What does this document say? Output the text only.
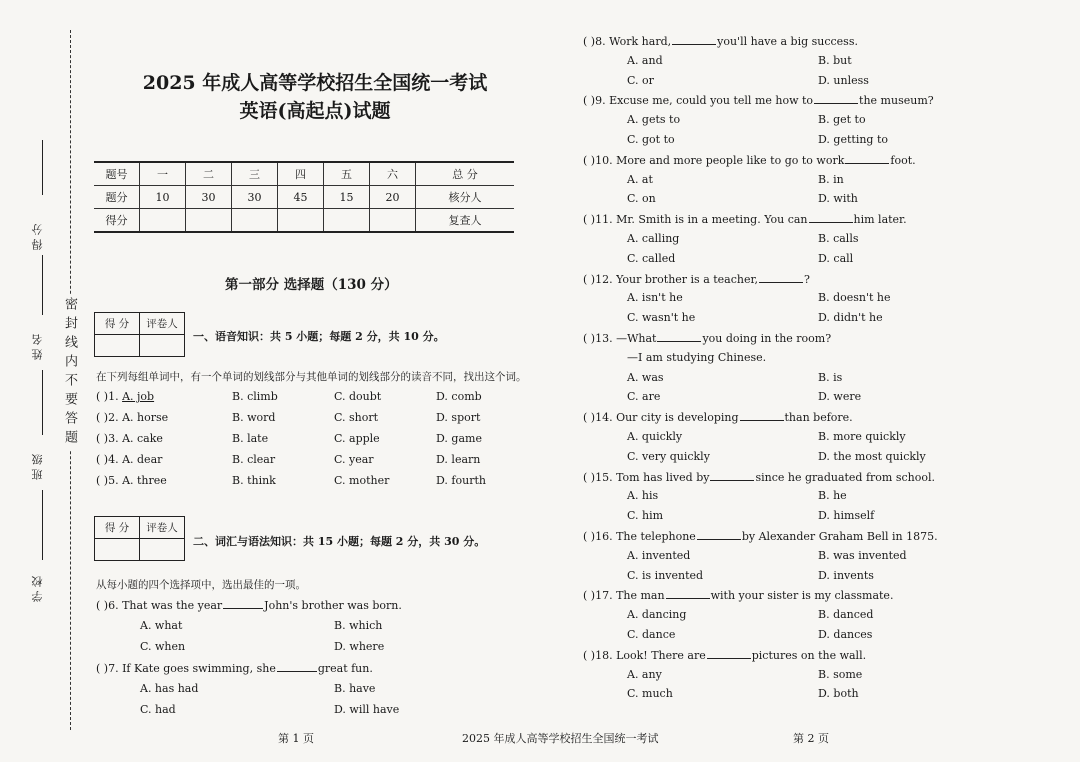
得分
姓名
班级
学校
密封线内不要答题
2025 年成人高等学校招生全国统一考试
英语(高起点)试题
题号	一	二	三	四	五	六	总 分
题分	10	30	30	45	15	20	核分人
得分							复查人
第一部分 选择题（130 分）
得 分	评卷人
一、语音知识：共 5 小题；每题 2 分，共 10 分。
在下列每组单词中，有一个单词的划线部分与其他单词的划线部分的读音不同，找出这个词。
( )1. A. job	B. climb	C. doubt	D. comb
( )2. A. horse	B. word	C. short	D. sport
( )3. A. cake	B. late	C. apple	D. game
( )4. A. dear	B. clear	C. year	D. learn
( )5. A. three	B. think	C. mother	D. fourth
得 分	评卷人
二、词汇与语法知识：共 15 小题；每题 2 分，共 30 分。
从每小题的四个选择项中，选出最佳的一项。
( )6. That was the year	John's brother was born.
A. what	B. which
C. when	D. where
( )7. If Kate goes swimming, she	great fun.
A. has had	B. have
C. had	D. will have
( )8. Work hard,	you'll have a big success.
A. and	B. but
C. or	D. unless
( )9. Excuse me, could you tell me how to	the museum?
A. gets to	B. get to
C. got to	D. getting to
( )10. More and more people like to go to work	foot.
A. at	B. in
C. on	D. with
( )11. Mr. Smith is in a meeting. You can	him later.
A. calling	B. calls
C. called	D. call
( )12. Your brother is a teacher,	?
A. isn't he	B. doesn't he
C. wasn't he	D. didn't he
( )13. —What	you doing in the room?
—I am studying Chinese.
A. was	B. is
C. are	D. were
( )14. Our city is developing	than before.
A. quickly	B. more quickly
C. very quickly	D. the most quickly
( )15. Tom has lived by	since he graduated from school.
A. his	B. he
C. him	D. himself
( )16. The telephone	by Alexander Graham Bell in 1875.
A. invented	B. was invented
C. is invented	D. invents
( )17. The man	with your sister is my classmate.
A. dancing	B. danced
C. dance	D. dances
( )18. Look! There are	pictures on the wall.
A. any	B. some
C. much	D. both
第 1 页	2025 年成人高等学校招生全国统一考试	第 2 页
